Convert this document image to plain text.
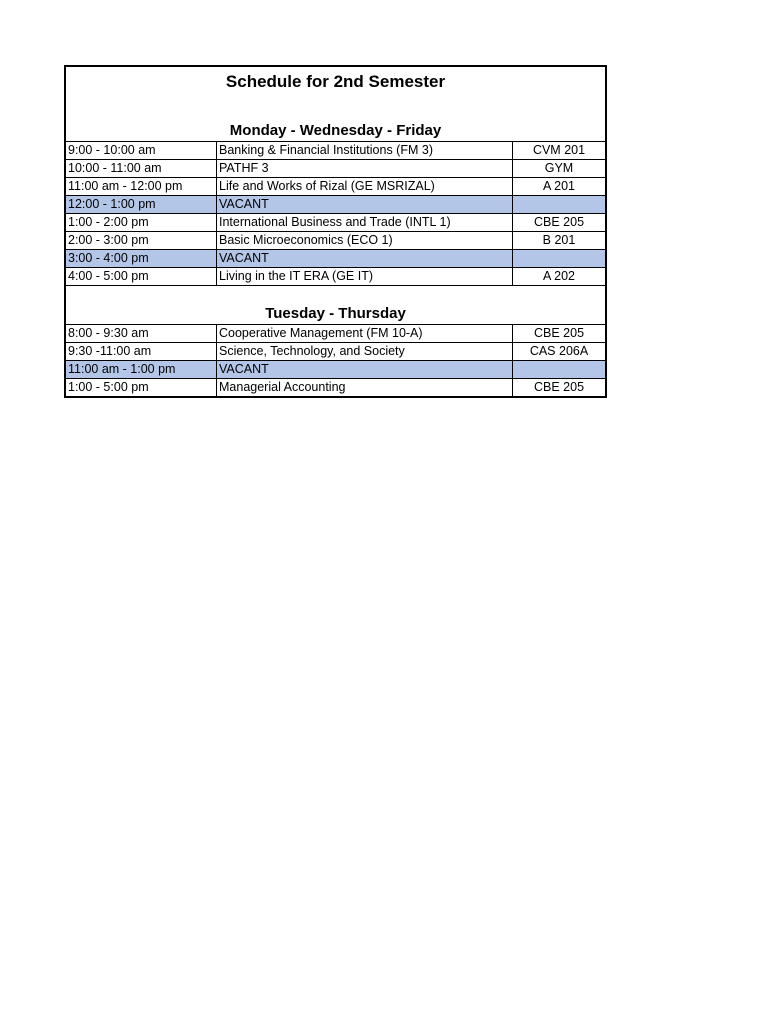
Schedule for 2nd Semester
Monday - Wednesday - Friday
9:00 - 10:00 am	Banking & Financial Institutions (FM 3)	CVM 201
10:00 - 11:00 am	PATHF 3	GYM
11:00 am - 12:00 pm	Life and Works of Rizal (GE MSRIZAL)	A 201
12:00 - 1:00 pm	VACANT	
1:00 - 2:00 pm	International Business and Trade (INTL 1)	CBE 205
2:00 - 3:00 pm	Basic Microeconomics (ECO 1)	B 201
3:00 - 4:00 pm	VACANT	
4:00 - 5:00 pm	Living in the IT ERA (GE IT)	A 202
Tuesday - Thursday
8:00 - 9:30 am	Cooperative Management (FM 10-A)	CBE 205
9:30 -11:00 am	Science, Technology, and Society	CAS 206A
11:00 am - 1:00 pm	VACANT	
1:00 - 5:00 pm	Managerial Accounting	CBE 205
